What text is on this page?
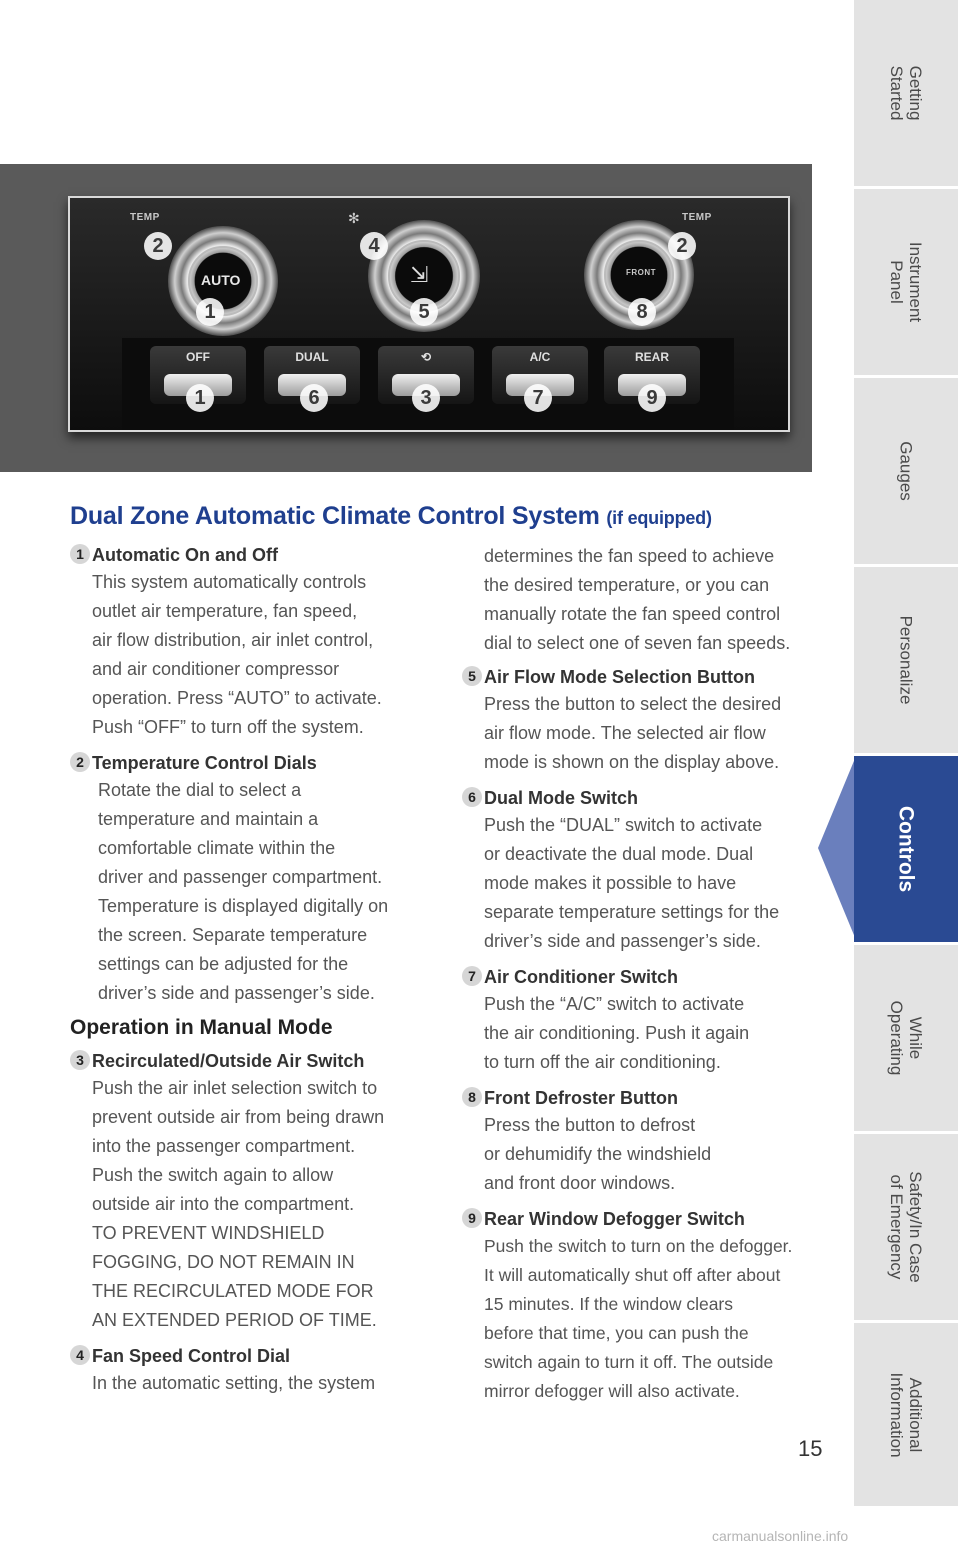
TEMP	TEMP
✻
AUTO	⇲	FRONT
OFF	DUAL	⟲	A/C	REAR
2	4	2
1	5	8
1	6	3	7	9
Dual Zone Automatic Climate Control System (if equipped)
1 Automatic On and Off
This system automatically controls
outlet air temperature, fan speed,
air flow distribution, air inlet control,
and air conditioner compressor
operation. Press “AUTO” to activate.
Push “OFF” to turn off the system.
2 Temperature Control Dials
Rotate the dial to select a
temperature and maintain a
comfortable climate within the
driver and passenger compartment.
Temperature is displayed digitally on
the screen. Separate temperature
settings can be adjusted for the
driver’s side and passenger’s side.
Operation in Manual Mode
3 Recirculated/Outside Air Switch
Push the air inlet selection switch to
prevent outside air from being drawn
into the passenger compartment.
Push the switch again to allow
outside air into the compartment.
TO PREVENT WINDSHIELD
FOGGING, DO NOT REMAIN IN
THE RECIRCULATED MODE FOR
AN EXTENDED PERIOD OF TIME.
4 Fan Speed Control Dial
In the automatic setting, the system
determines the fan speed to achieve
the desired temperature, or you can
manually rotate the fan speed control
dial to select one of seven fan speeds.
5 Air Flow Mode Selection Button
Press the button to select the desired
air flow mode. The selected air flow
mode is shown on the display above.
6 Dual Mode Switch
Push the “DUAL” switch to activate
or deactivate the dual mode. Dual
mode makes it possible to have
separate temperature settings for the
driver’s side and passenger’s side.
7 Air Conditioner Switch
Push the “A/C” switch to activate
the air conditioning. Push it again
to turn off the air conditioning.
8 Front Defroster Button
Press the button to defrost
or dehumidify the windshield
and front door windows.
9 Rear Window Defogger Switch
Push the switch to turn on the defogger.
It will automatically shut off after about
15 minutes. If the window clears
before that time, you can push the
switch again to turn it off. The outside
mirror defogger will also activate.
Getting
Started
Instrument
Panel
Gauges
Personalize
Controls
While
Operating
Safety/In Case
of Emergency
Additional
Information
15
carmanualsonline.info
